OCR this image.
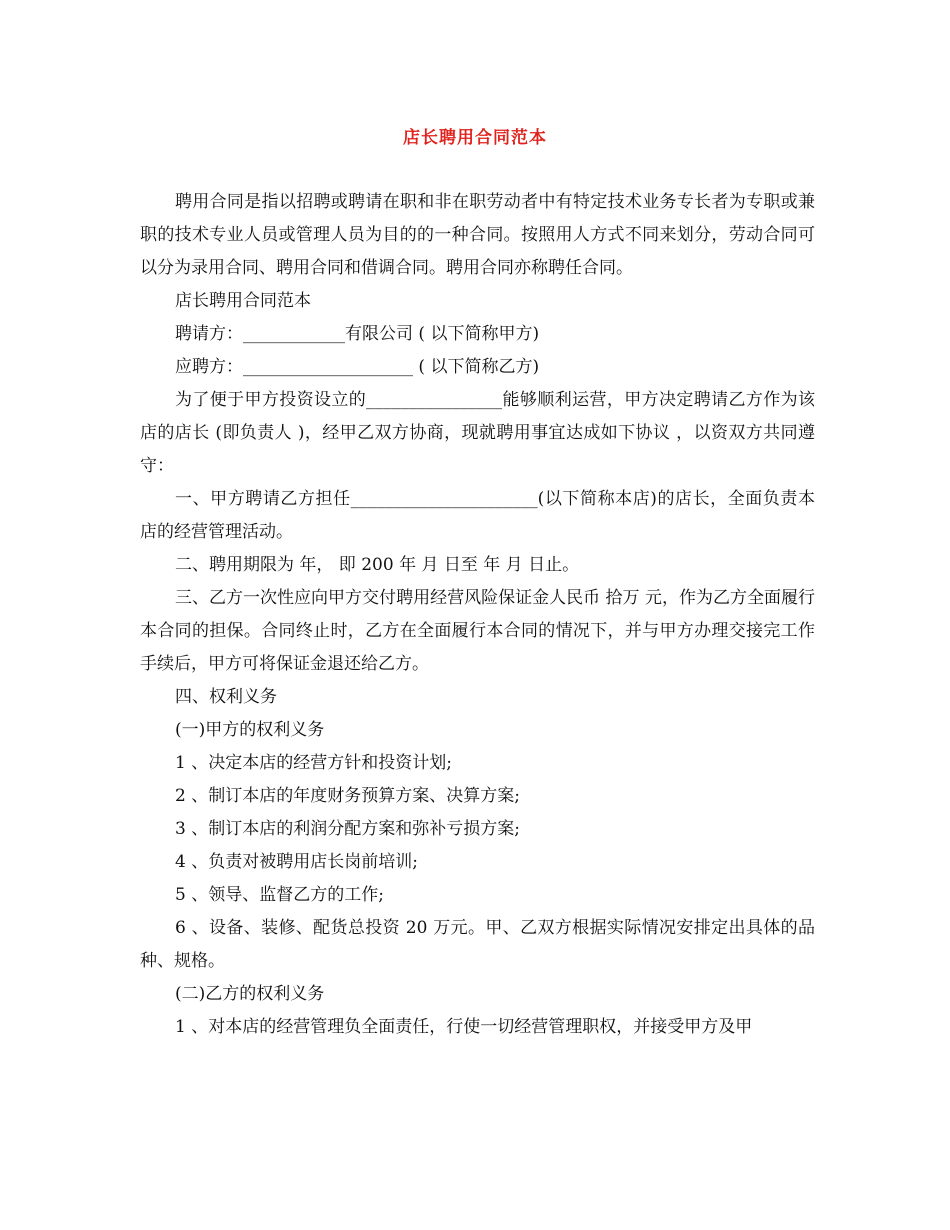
店长聘用合同范本

聘用合同是指以招聘或聘请在职和非在职劳动者中有特定技术业务专长者为专职或兼职的技术专业人员或管理人员为目的的一种合同。按照用人方式不同来划分，劳动合同可以分为录用合同、聘用合同和借调合同。聘用合同亦称聘任合同。

店长聘用合同范本

聘请方：____________有限公司 ( 以下简称甲方)

应聘方：____________________ ( 以下简称乙方)

为了便于甲方投资设立的________________能够顺利运营，甲方决定聘请乙方作为该店的店长 (即负责人 )，经甲乙双方协商，现就聘用事宜达成如下协议 ，以资双方共同遵守：

一、甲方聘请乙方担任______________________(以下简称本店)的店长，全面负责本店的经营管理活动。

二、聘用期限为 年， 即 200 年 月 日至 年 月 日止。

三、乙方一次性应向甲方交付聘用经营风险保证金人民币 拾万 元，作为乙方全面履行本合同的担保。合同终止时，乙方在全面履行本合同的情况下，并与甲方办理交接完工作手续后，甲方可将保证金退还给乙方。

四、权利义务

(一)甲方的权利义务

1 、决定本店的经营方针和投资计划;

2 、制订本店的年度财务预算方案、决算方案;

3 、制订本店的利润分配方案和弥补亏损方案;

4 、负责对被聘用店长岗前培训;

5 、领导、监督乙方的工作;

6 、设备、装修、配货总投资 20 万元。甲、乙双方根据实际情况安排定出具体的品种、规格。

(二)乙方的权利义务

1 、对本店的经营管理负全面责任，行使一切经营管理职权，并接受甲方及甲
